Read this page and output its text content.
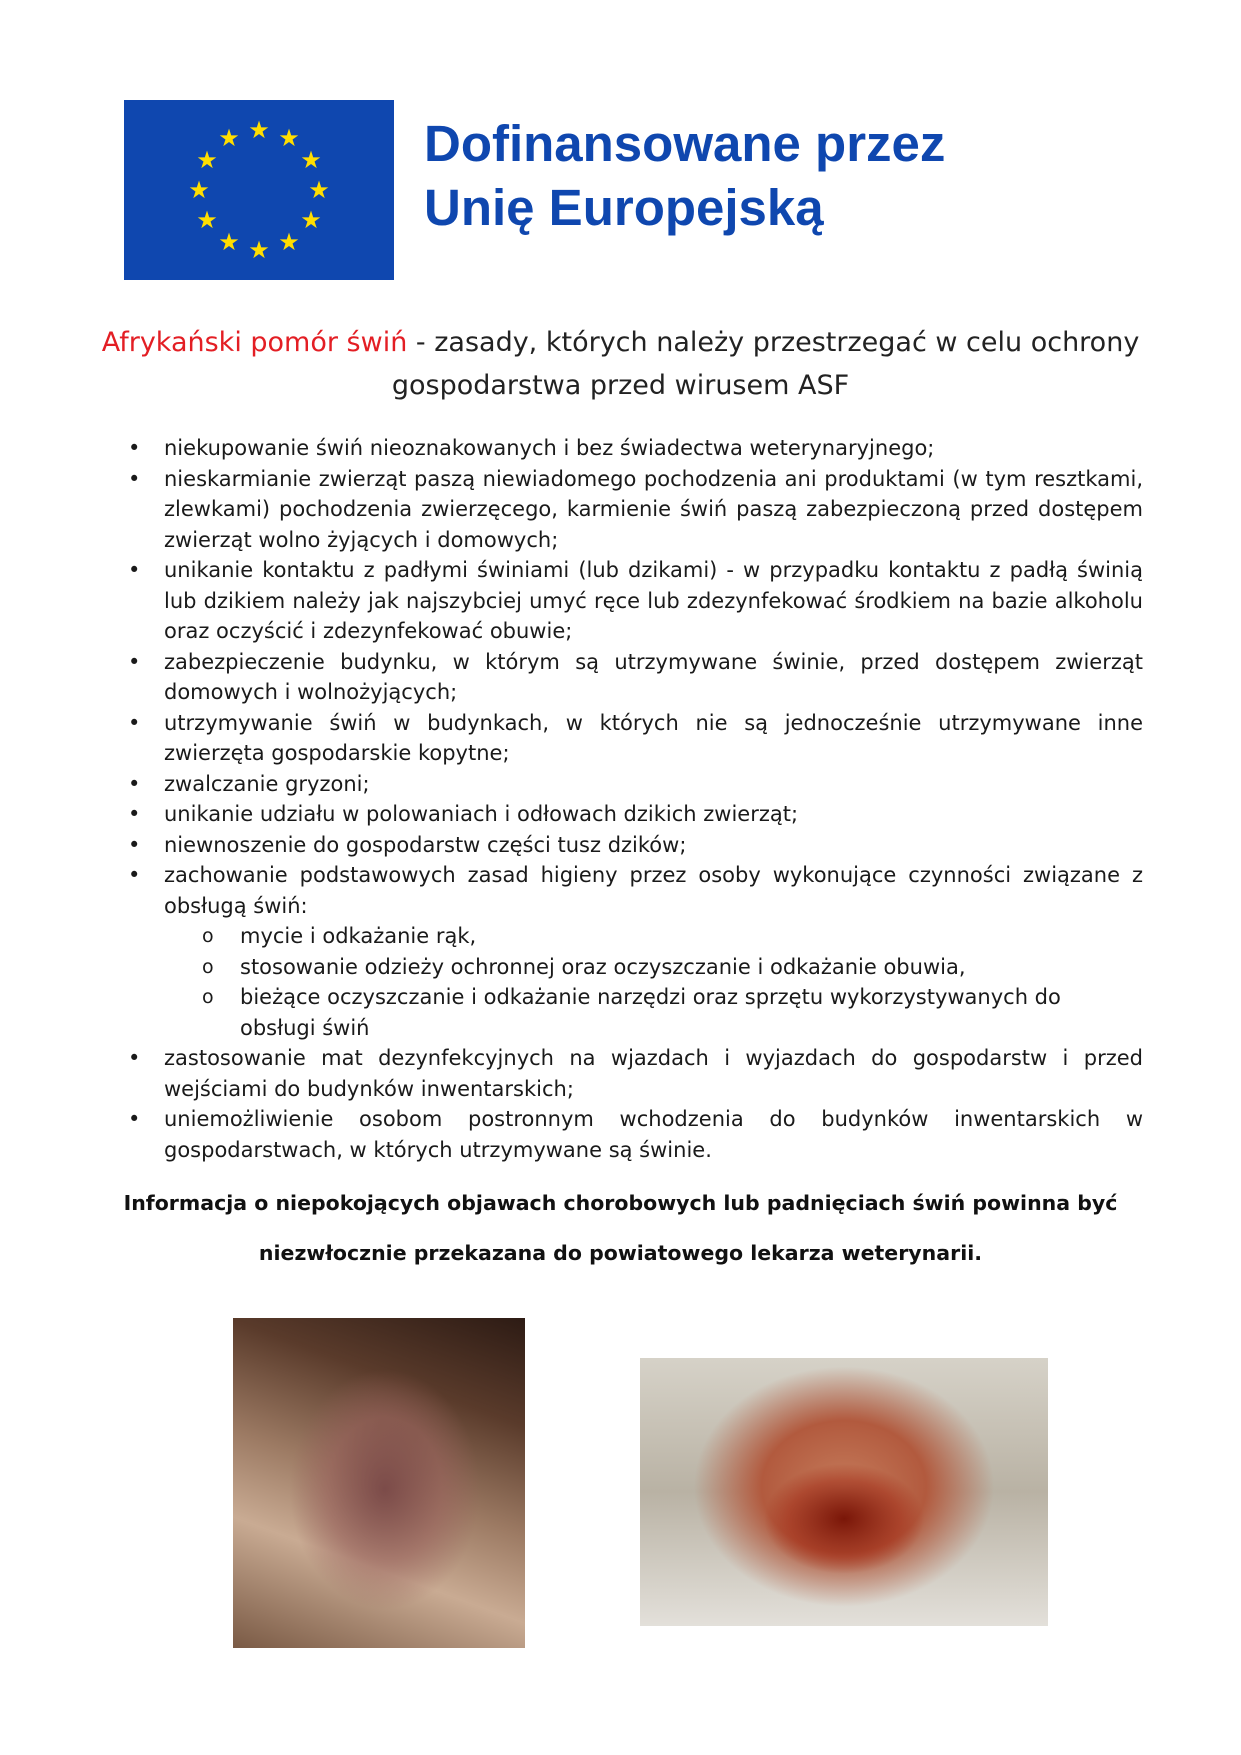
★ ★
★
★
★
★
★
★
★
★
★
★	Dofinansowane przez
Unię Europejską
Afrykański pomór świń - zasady, których należy przestrzegać w celu ochrony gospodarstwa przed wirusem ASF
• niekupowanie świń nieoznakowanych i bez świadectwa weterynaryjnego;
• nieskarmianie zwierząt paszą niewiadomego pochodzenia ani produktami (w tym resztkami, zlewkami) pochodzenia zwierzęcego, karmienie świń paszą zabezpieczoną przed dostępem zwierząt wolno żyjących i domowych;
• unikanie kontaktu z padłymi świniami (lub dzikami) - w przypadku kontaktu z padłą świnią lub dzikiem należy jak najszybciej umyć ręce lub zdezynfekować środkiem na bazie alkoholu oraz oczyścić i zdezynfekować obuwie;
• zabezpieczenie budynku, w którym są utrzymywane świnie, przed dostępem zwierząt domowych i wolnożyjących;
• utrzymywanie świń w budynkach, w których nie są jednocześnie utrzymywane inne zwierzęta gospodarskie kopytne;
• zwalczanie gryzoni;
• unikanie udziału w polowaniach i odłowach dzikich zwierząt;
• niewnoszenie do gospodarstw części tusz dzików;
• zachowanie podstawowych zasad higieny przez osoby wykonujące czynności związane z obsługą świń:
o mycie i odkażanie rąk,
o stosowanie odzieży ochronnej oraz oczyszczanie i odkażanie obuwia,
o bieżące oczyszczanie i odkażanie narzędzi oraz sprzętu wykorzystywanych do obsługi świń
• zastosowanie mat dezynfekcyjnych na wjazdach i wyjazdach do gospodarstw i przed wejściami do budynków inwentarskich;
• uniemożliwienie osobom postronnym wchodzenia do budynków inwentarskich w gospodarstwach, w których utrzymywane są świnie.
Informacja o niepokojących objawach chorobowych lub padnięciach świń powinna być niezwłocznie przekazana do powiatowego lekarza weterynarii.
